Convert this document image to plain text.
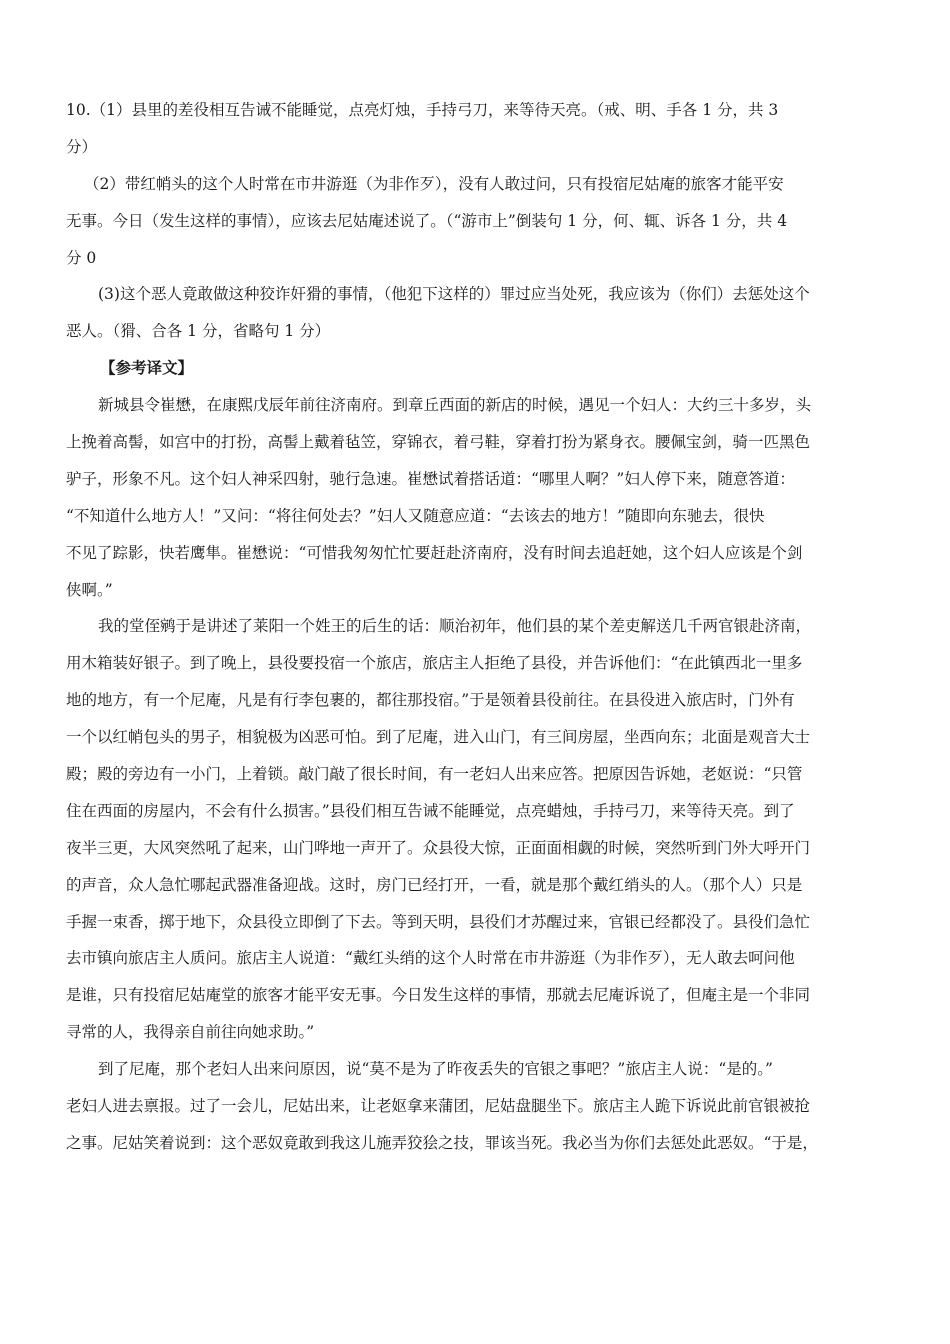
10.（1）县里的差役相互告诫不能睡觉，点亮灯烛，手持弓刀，来等待天亮。（戒、明、手各 1 分，共 3
分）
（2）带红帩头的这个人时常在市井游逛（为非作歹），没有人敢过问，只有投宿尼姑庵的旅客才能平安
无事。今日（发生这样的事情），应该去尼姑庵述说了。（“游市上”倒装句 1 分，何、辄、诉各 1 分，共 4
分 0
(3)这个恶人竟敢做这种狡诈奸猾的事情，（他犯下这样的）罪过应当处死，我应该为（你们）去惩处这个
恶人。（猾、合各 1 分，省略句 1 分）
【参考译文】
新城县令崔懋，在康熙戊辰年前往济南府。到章丘西面的新店的时候，遇见一个妇人：大约三十多岁，头
上挽着高髻，如宫中的打扮，高髻上戴着毡笠，穿锦衣，着弓鞋，穿着打扮为紧身衣。腰佩宝剑，骑一匹黑色
驴子，形象不凡。这个妇人神采四射，驰行急速。崔懋试着搭话道：“哪里人啊？”妇人停下来，随意答道：
“不知道什么地方人！”又问：“将往何处去？”妇人又随意应道：“去该去的地方！”随即向东驰去，很快
不见了踪影，快若鹰隼。崔懋说：“可惜我匆匆忙忙要赶赴济南府，没有时间去追赶她，这个妇人应该是个剑
侠啊。”
我的堂侄鹓于是讲述了莱阳一个姓王的后生的话：顺治初年，他们县的某个差吏解送几千两官银赴济南，
用木箱装好银子。到了晚上，县役要投宿一个旅店，旅店主人拒绝了县役，并告诉他们：“在此镇西北一里多
地的地方，有一个尼庵，凡是有行李包裹的，都往那投宿。”于是领着县役前往。在县役进入旅店时，门外有
一个以红帩包头的男子，相貌极为凶恶可怕。到了尼庵，进入山门，有三间房屋，坐西向东；北面是观音大士
殿；殿的旁边有一小门，上着锁。敲门敲了很长时间，有一老妇人出来应答。把原因告诉她，老妪说：“只管
住在西面的房屋内，不会有什么损害。”县役们相互告诫不能睡觉，点亮蜡烛，手持弓刀，来等待天亮。到了
夜半三更，大风突然吼了起来，山门哗地一声开了。众县役大惊，正面面相觑的时候，突然听到门外大呼开门
的声音，众人急忙哪起武器准备迎战。这时，房门已经打开，一看，就是那个戴红绡头的人。（那个人）只是
手握一束香，掷于地下，众县役立即倒了下去。等到天明，县役们才苏醒过来，官银已经都没了。县役们急忙
去市镇向旅店主人质问。旅店主人说道：“戴红头绡的这个人时常在市井游逛（为非作歹），无人敢去呵问他
是谁，只有投宿尼姑庵堂的旅客才能平安无事。今日发生这样的事情，那就去尼庵诉说了，但庵主是一个非同
寻常的人，我得亲自前往向她求助。”
到了尼庵，那个老妇人出来问原因，说“莫不是为了昨夜丢失的官银之事吧？”旅店主人说：“是的。”
老妇人进去禀报。过了一会儿，尼姑出来，让老妪拿来蒲团，尼姑盘腿坐下。旅店主人跪下诉说此前官银被抢
之事。尼姑笑着说到：这个恶奴竟敢到我这儿施弄狡狯之技，罪该当死。我必当为你们去惩处此恶奴。“于是，
